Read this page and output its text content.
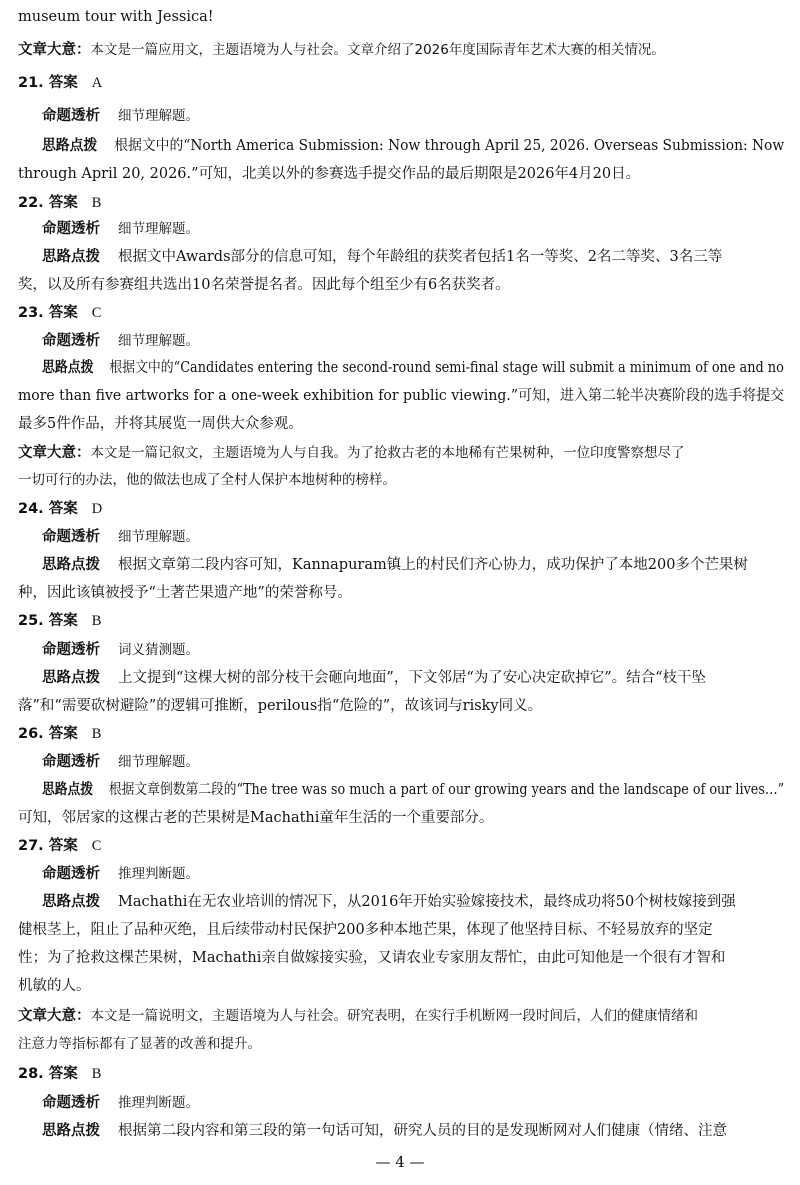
museum tour with Jessica!
文章大意：本文是一篇应用文，主题语境为人与社会。文章介绍了2026年度国际青年艺术大赛的相关情况。
21. 答案 A
命题透析 细节理解题。
思路点拨 根据文中的“North America Submission: Now through April 25, 2026. Overseas Submission: Now
through April 20, 2026.”可知，北美以外的参赛选手提交作品的最后期限是2026年4月20日。
22. 答案 B
命题透析 细节理解题。
思路点拨 根据文中Awards部分的信息可知，每个年龄组的获奖者包括1名一等奖、2名二等奖、3名三等
奖，以及所有参赛组共选出10名荣誉提名者。因此每个组至少有6名获奖者。
23. 答案 C
命题透析 细节理解题。
思路点拨 根据文中的“Candidates entering the second-round semi-final stage will submit a minimum of one and no
more than five artworks for a one-week exhibition for public viewing.”可知，进入第二轮半决赛阶段的选手将提交
最多5件作品，并将其展览一周供大众参观。
文章大意：本文是一篇记叙文，主题语境为人与自我。为了抢救古老的本地稀有芒果树种，一位印度警察想尽了
一切可行的办法，他的做法也成了全村人保护本地树种的榜样。
24. 答案 D
命题透析 细节理解题。
思路点拨 根据文章第二段内容可知，Kannapuram镇上的村民们齐心协力，成功保护了本地200多个芒果树
种，因此该镇被授予“土著芒果遗产地”的荣誉称号。
25. 答案 B
命题透析 词义猜测题。
思路点拨 上文提到“这棵大树的部分枝干会砸向地面”，下文邻居“为了安心决定砍掉它”。结合“枝干坠
落”和“需要砍树避险”的逻辑可推断，perilous指“危险的”，故该词与risky同义。
26. 答案 B
命题透析 细节理解题。
思路点拨 根据文章倒数第二段的“The tree was so much a part of our growing years and the landscape of our lives…”
可知，邻居家的这棵古老的芒果树是Machathi童年生活的一个重要部分。
27. 答案 C
命题透析 推理判断题。
思路点拨 Machathi在无农业培训的情况下，从2016年开始实验嫁接技术，最终成功将50个树枝嫁接到强
健根茎上，阻止了品种灭绝，且后续带动村民保护200多种本地芒果，体现了他坚持目标、不轻易放弃的坚定
性；为了抢救这棵芒果树，Machathi亲自做嫁接实验，又请农业专家朋友帮忙，由此可知他是一个很有才智和
机敏的人。
文章大意：本文是一篇说明文，主题语境为人与社会。研究表明，在实行手机断网一段时间后，人们的健康情绪和
注意力等指标都有了显著的改善和提升。
28. 答案 B
命题透析 推理判断题。
思路点拨 根据第二段内容和第三段的第一句话可知，研究人员的目的是发现断网对人们健康（情绪、注意
— 4 —
